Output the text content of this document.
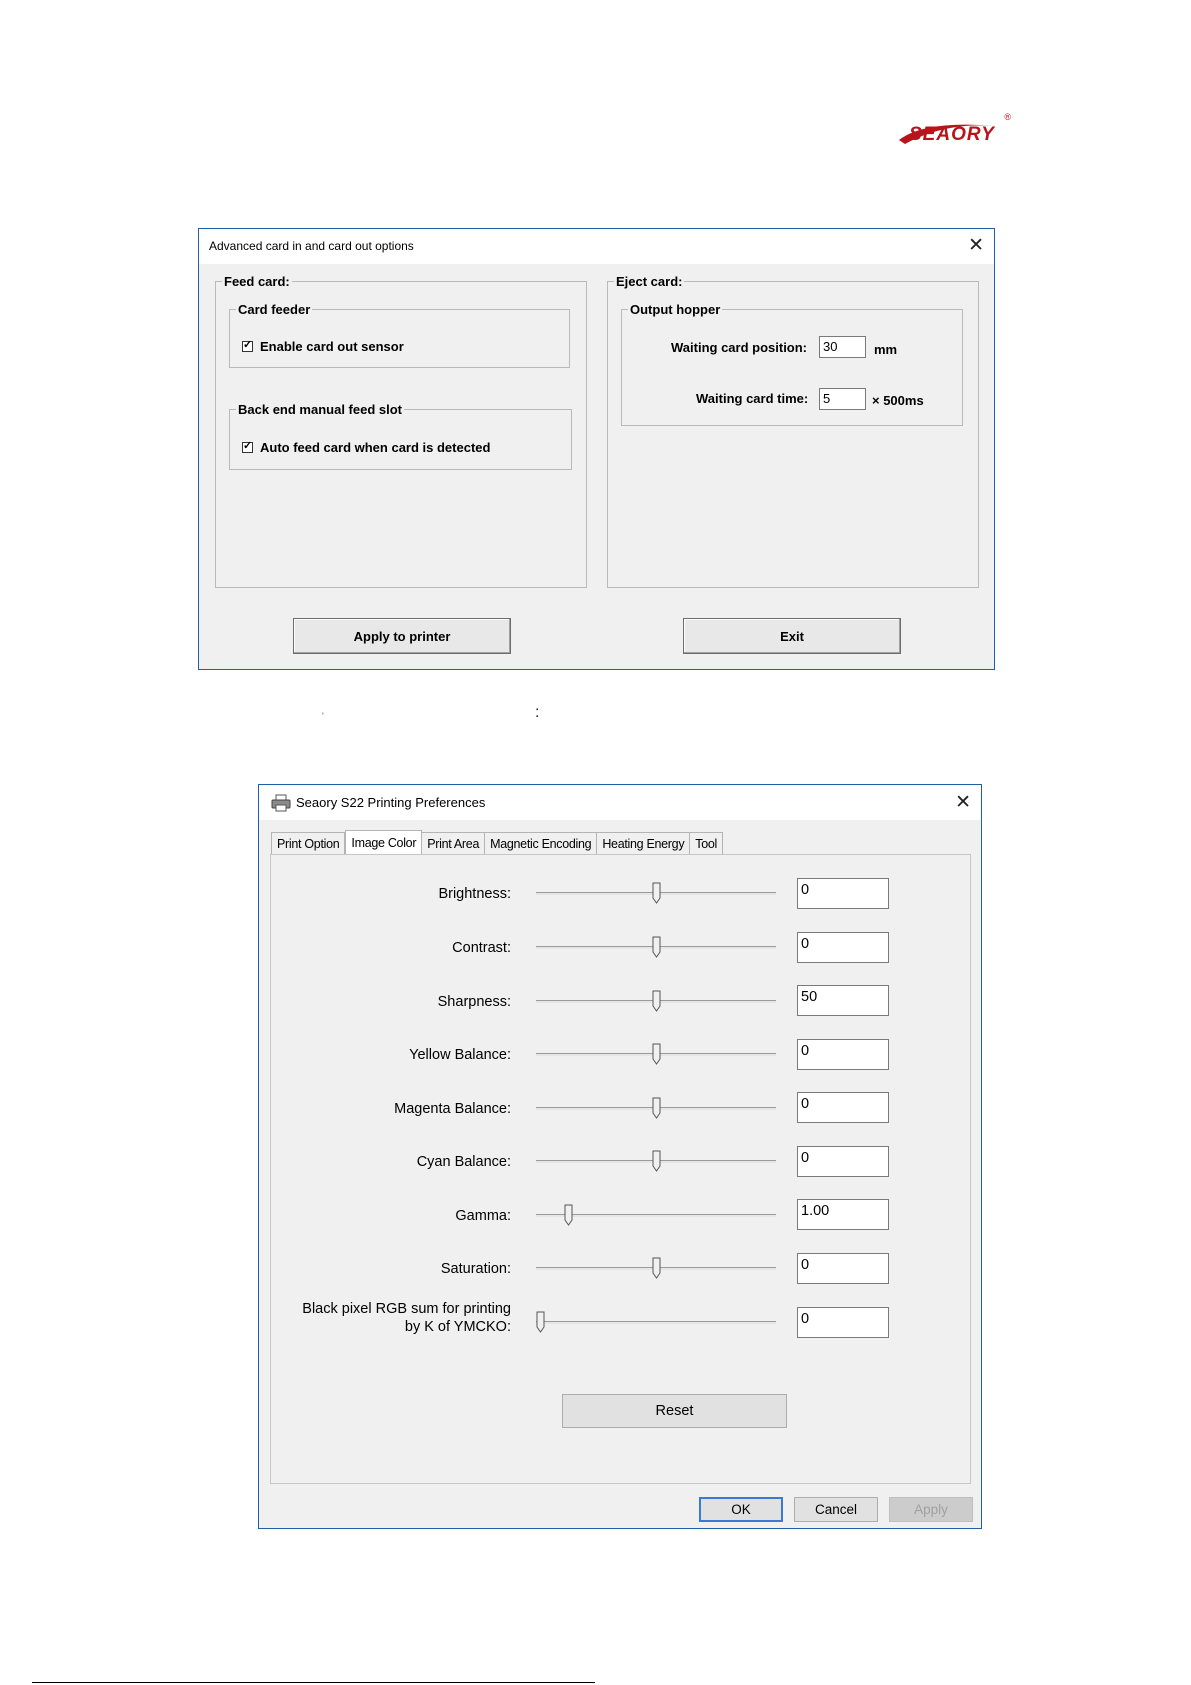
SEAORY
®
Advanced card in and card out options	✕
Feed card:
Card feeder
✓
Enable card out sensor
Back end manual feed slot
✓
Auto feed card when card is detected
Eject card:
Output hopper
Waiting card position:	30	mm
Waiting card time:	5	× 500ms
Apply to printer	Exit
'	:
Seaory S22 Printing Preferences	✕
Print Option Image Color Print Area Magnetic Encoding Heating Energy Tool
Brightness:	0
Contrast:	0
Sharpness:	50
Yellow Balance:	0
Magenta Balance:	0
Cyan Balance:	0
Gamma:	1.00
Saturation:	0
Black pixel RGB sum for printing
by K of YMCKO:	0
Reset
OK	Cancel	Apply
